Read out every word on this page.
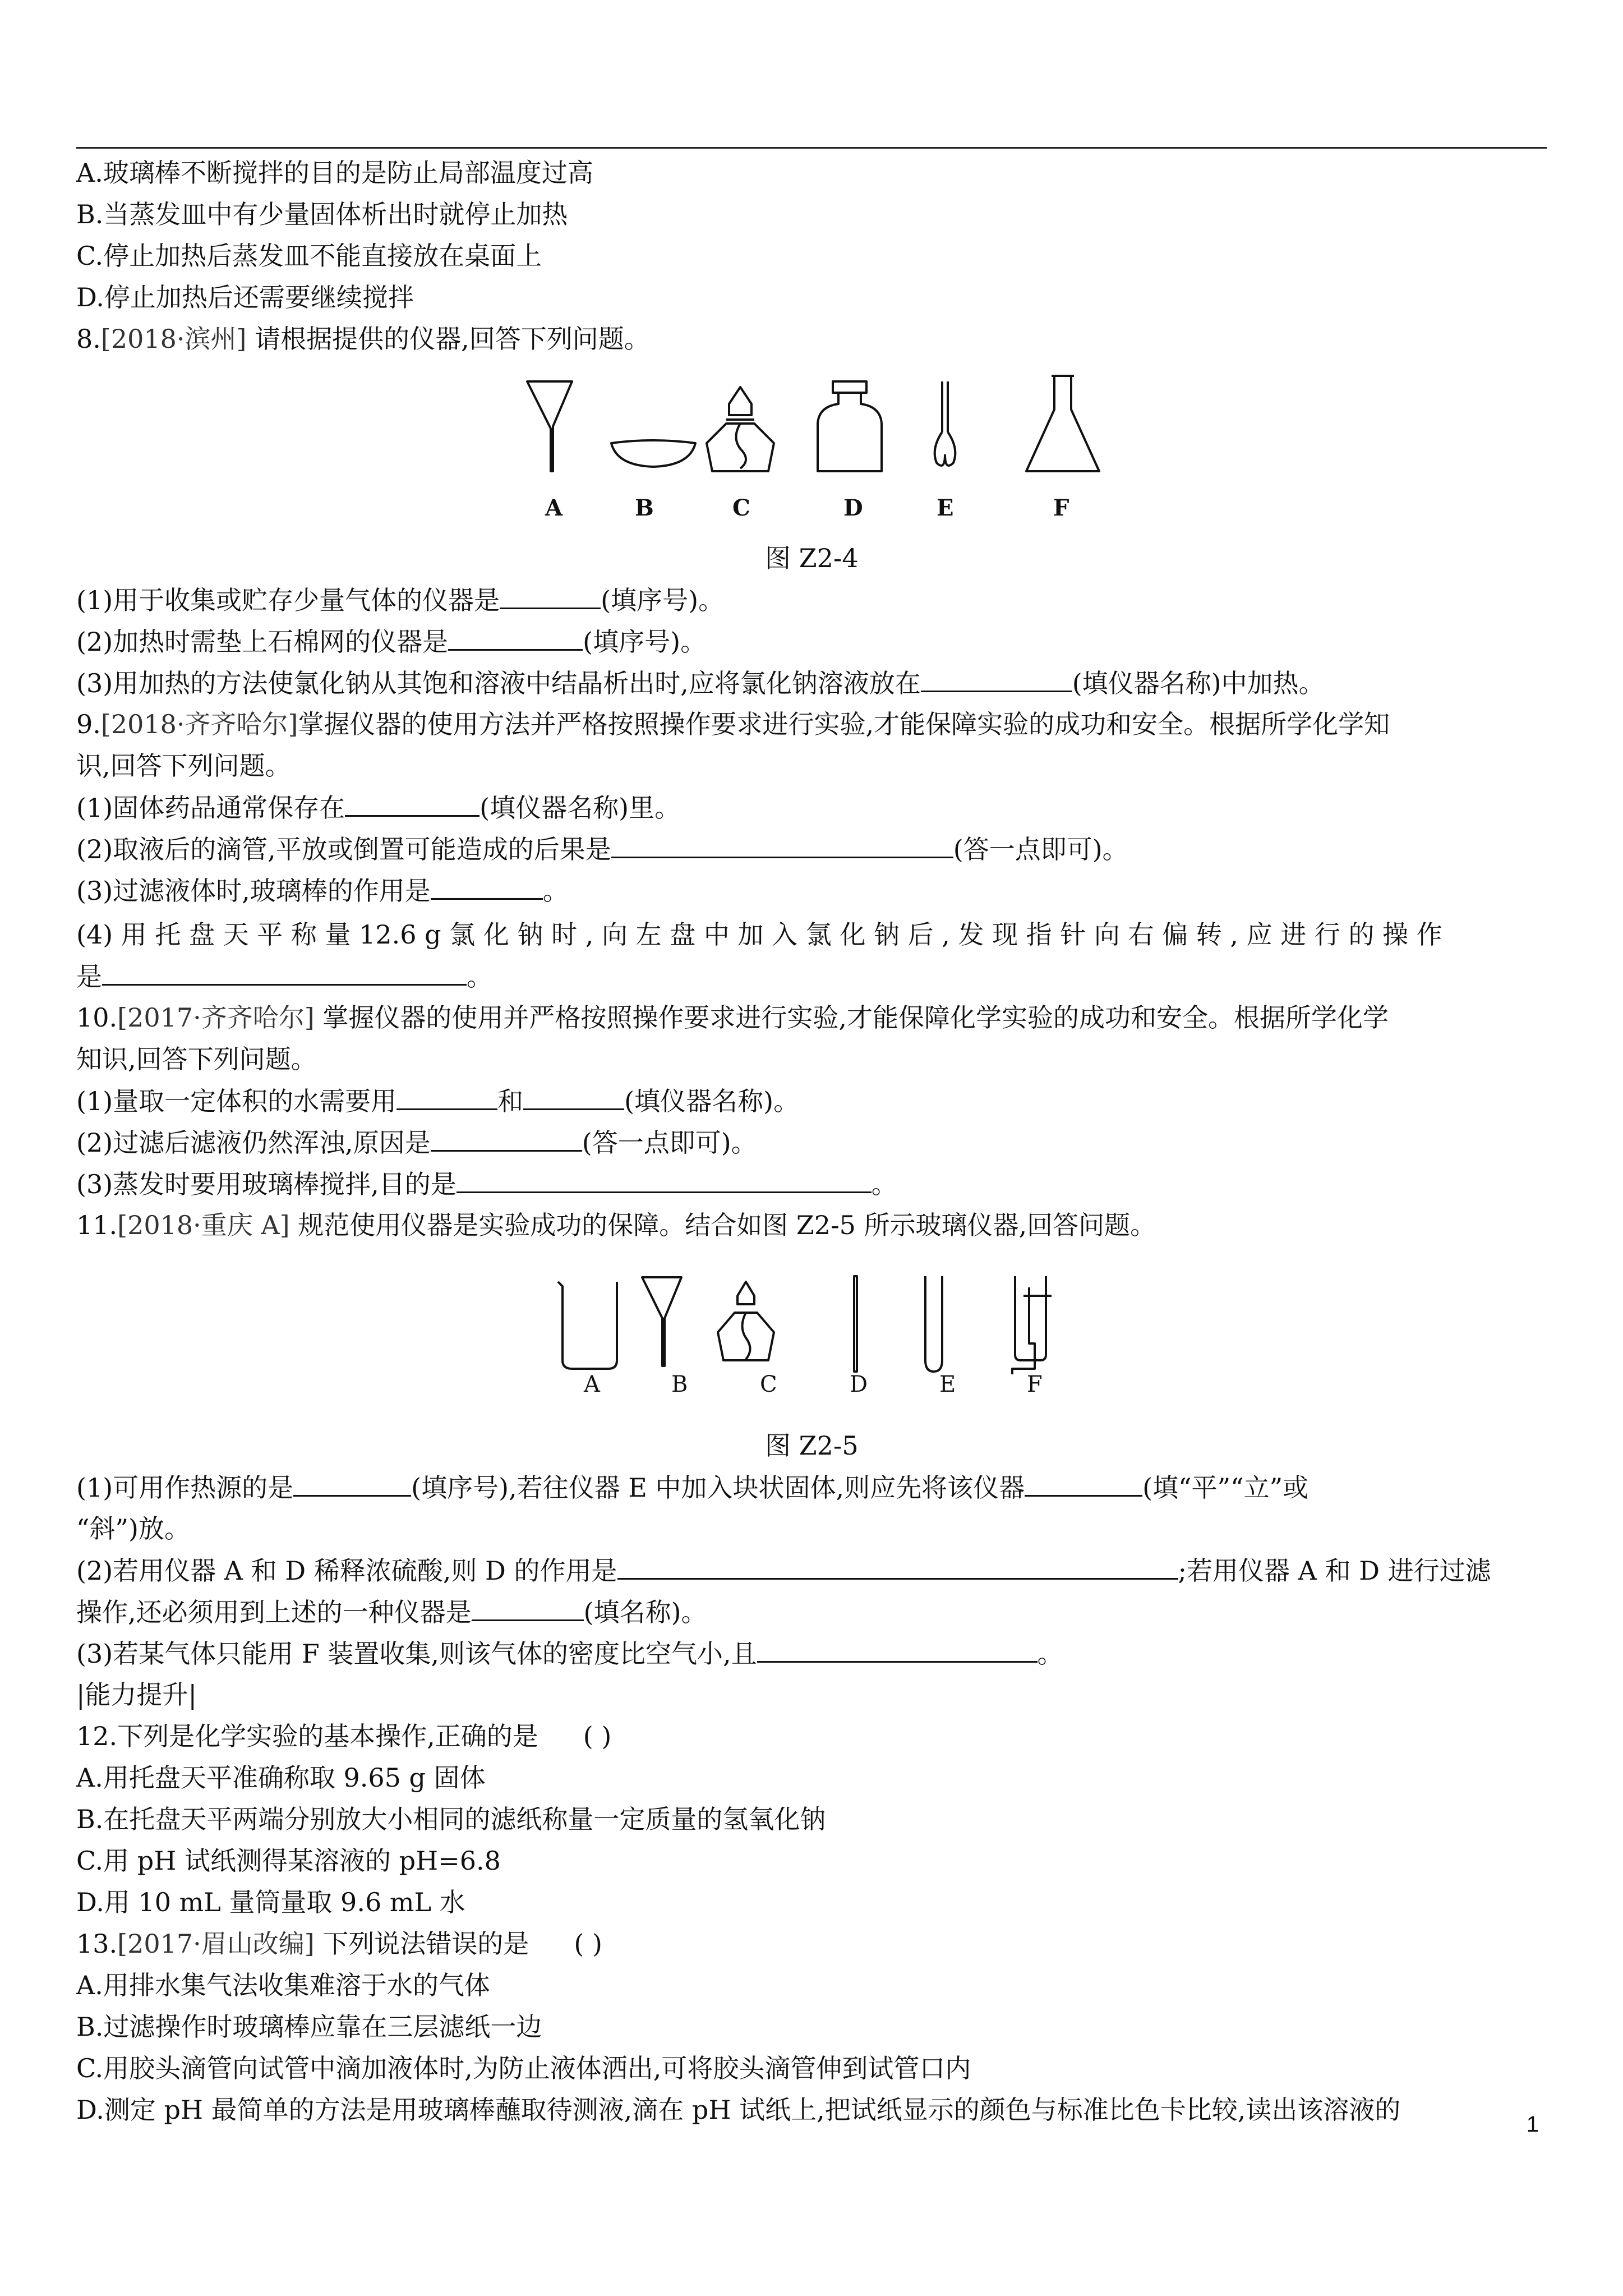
A.玻璃棒不断搅拌的目的是防止局部温度过高
B.当蒸发皿中有少量固体析出时就停止加热
C.停止加热后蒸发皿不能直接放在桌面上
D.停止加热后还需要继续搅拌
8.[2018·滨州] 请根据提供的仪器,回答下列问题。
A	B	C	D	E	F
图 Z2-4
(1)用于收集或贮存少量气体的仪器是	(填序号)。
(2)加热时需垫上石棉网的仪器是	(填序号)。
(3)用加热的方法使氯化钠从其饱和溶液中结晶析出时,应将氯化钠溶液放在	(填仪器名称)中加热。
9.[2018·齐齐哈尔]掌握仪器的使用方法并严格按照操作要求进行实验,才能保障实验的成功和安全。根据所学化学知
识,回答下列问题。
(1)固体药品通常保存在	(填仪器名称)里。
(2)取液后的滴管,平放或倒置可能造成的后果是	(答一点即可)。
(3)过滤液体时,玻璃棒的作用是	。
(4) 用 托 盘 天 平 称 量 12.6 g 氯 化 钠 时 , 向 左 盘 中 加 入 氯 化 钠 后 , 发 现 指 针 向 右 偏 转 , 应 进 行 的 操 作
是	。
10.[2017·齐齐哈尔] 掌握仪器的使用并严格按照操作要求进行实验,才能保障化学实验的成功和安全。根据所学化学
知识,回答下列问题。
(1)量取一定体积的水需要用	和	(填仪器名称)。
(2)过滤后滤液仍然浑浊,原因是	(答一点即可)。
(3)蒸发时要用玻璃棒搅拌,目的是	。
11.[2018·重庆 A] 规范使用仪器是实验成功的保障。结合如图 Z2-5 所示玻璃仪器,回答问题。
A	B	C	D	E	F
图 Z2-5
(1)可用作热源的是	(填序号),若往仪器 E 中加入块状固体,则应先将该仪器	(填“平”“立”或
“斜”)放。
(2)若用仪器 A 和 D 稀释浓硫酸,则 D 的作用是	;若用仪器 A 和 D 进行过滤
操作,还必须用到上述的一种仪器是	(填名称)。
(3)若某气体只能用 F 装置收集,则该气体的密度比空气小,且	。
|能力提升|
12.下列是化学实验的基本操作,正确的是 ( )
A.用托盘天平准确称取 9.65 g 固体
B.在托盘天平两端分别放大小相同的滤纸称量一定质量的氢氧化钠
C.用 pH 试纸测得某溶液的 pH=6.8
D.用 10 mL 量筒量取 9.6 mL 水
13.[2017·眉山改编] 下列说法错误的是 ( )
A.用排水集气法收集难溶于水的气体
B.过滤操作时玻璃棒应靠在三层滤纸一边
C.用胶头滴管向试管中滴加液体时,为防止液体洒出,可将胶头滴管伸到试管口内
D.测定 pH 最简单的方法是用玻璃棒蘸取待测液,滴在 pH 试纸上,把试纸显示的颜色与标准比色卡比较,读出该溶液的	1
